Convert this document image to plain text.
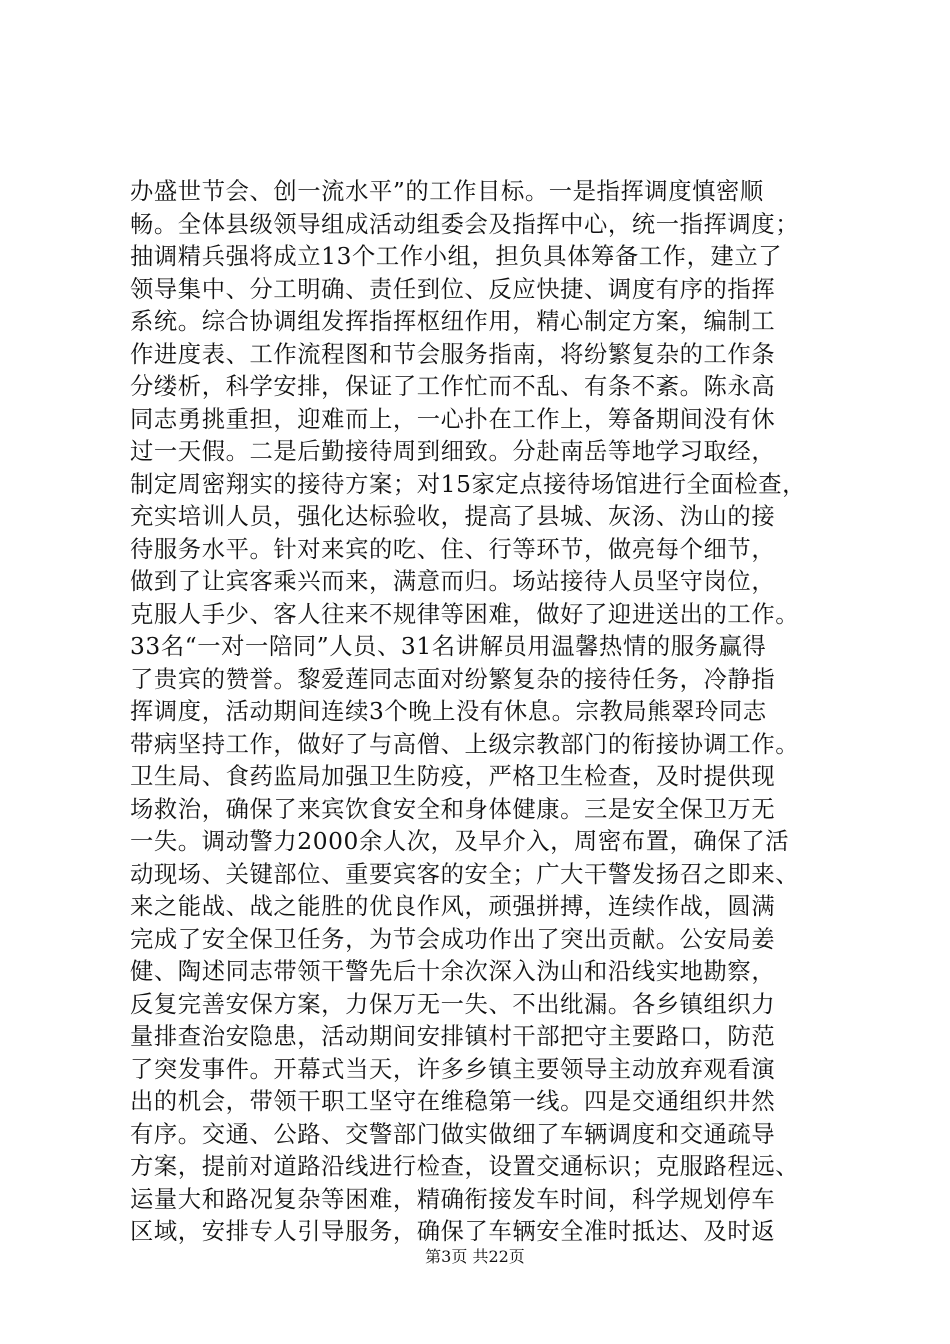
办盛世节会、创一流水平”的工作目标。一是指挥调度慎密顺
畅。全体县级领导组成活动组委会及指挥中心，统一指挥调度；
抽调精兵强将成立13个工作小组，担负具体筹备工作，建立了
领导集中、分工明确、责任到位、反应快捷、调度有序的指挥
系统。综合协调组发挥指挥枢纽作用，精心制定方案，编制工
作进度表、工作流程图和节会服务指南，将纷繁复杂的工作条
分缕析，科学安排，保证了工作忙而不乱、有条不紊。陈永高
同志勇挑重担，迎难而上，一心扑在工作上，筹备期间没有休
过一天假。二是后勤接待周到细致。分赴南岳等地学习取经，
制定周密翔实的接待方案；对15家定点接待场馆进行全面检查，
充实培训人员，强化达标验收，提高了县城、灰汤、沩山的接
待服务水平。针对来宾的吃、住、行等环节，做亮每个细节，
做到了让宾客乘兴而来，满意而归。场站接待人员坚守岗位，
克服人手少、客人往来不规律等困难，做好了迎进送出的工作。
33名“一对一陪同”人员、31名讲解员用温馨热情的服务赢得
了贵宾的赞誉。黎爱莲同志面对纷繁复杂的接待任务，冷静指
挥调度，活动期间连续3个晚上没有休息。宗教局熊翠玲同志
带病坚持工作，做好了与高僧、上级宗教部门的衔接协调工作。
卫生局、食药监局加强卫生防疫，严格卫生检查，及时提供现
场救治，确保了来宾饮食安全和身体健康。三是安全保卫万无
一失。调动警力2000余人次，及早介入，周密布置，确保了活
动现场、关键部位、重要宾客的安全；广大干警发扬召之即来、
来之能战、战之能胜的优良作风，顽强拼搏，连续作战，圆满
完成了安全保卫任务，为节会成功作出了突出贡献。公安局姜
健、陶述同志带领干警先后十余次深入沩山和沿线实地勘察，
反复完善安保方案，力保万无一失、不出纰漏。各乡镇组织力
量排查治安隐患，活动期间安排镇村干部把守主要路口，防范
了突发事件。开幕式当天，许多乡镇主要领导主动放弃观看演
出的机会，带领干职工坚守在维稳第一线。四是交通组织井然
有序。交通、公路、交警部门做实做细了车辆调度和交通疏导
方案，提前对道路沿线进行检查，设置交通标识；克服路程远、
运量大和路况复杂等困难，精确衔接发车时间，科学规划停车
区域，安排专人引导服务，确保了车辆安全准时抵达、及时返
第3页 共22页
